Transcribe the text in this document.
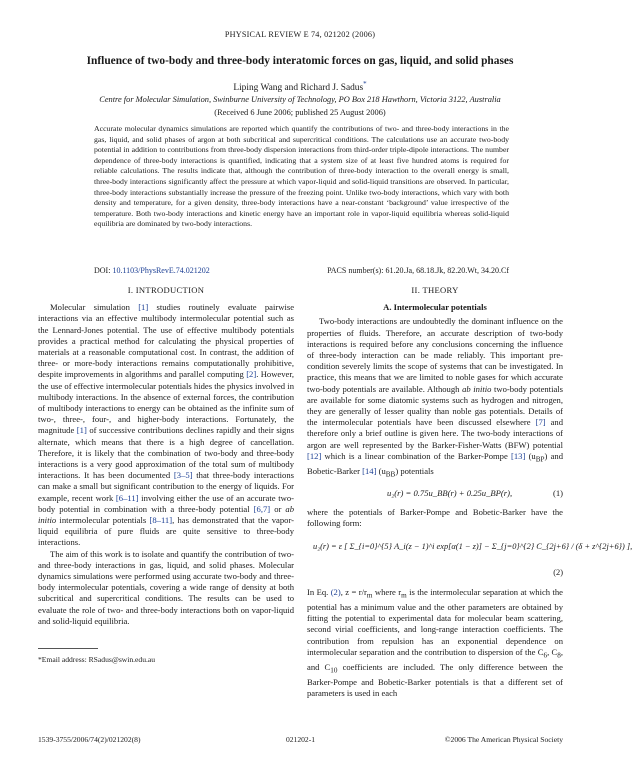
PHYSICAL REVIEW E 74, 021202 (2006)
Influence of two-body and three-body interatomic forces on gas, liquid, and solid phases
Liping Wang and Richard J. Sadus*
Centre for Molecular Simulation, Swinburne University of Technology, PO Box 218 Hawthorn, Victoria 3122, Australia
(Received 6 June 2006; published 25 August 2006)

Accurate molecular dynamics simulations are reported which quantify the contributions of two- and three-body interactions in the gas, liquid, and solid phases of argon at both subcritical and supercritical conditions. The calculations use an accurate two-body potential in addition to contributions from three-body dispersion interactions from third-order triple-dipole interactions. The number dependence of three-body interactions is quantified, indicating that a system size of at least five hundred atoms is required for reliable calculations. The results indicate that, although the contribution of three-body interaction to the overall energy is small, three-body interactions significantly affect the pressure at which vapor-liquid and solid-liquid transitions are observed. In particular, three-body interactions substantially increase the pressure of the freezing point. Unlike two-body interactions, which vary with both density and temperature, for a given density, three-body interactions have a near-constant ‘background’ value irrespective of the temperature. Both two-body interactions and kinetic energy have an important role in vapor-liquid equilibria whereas solid-liquid equilibria are dominated by two-body interactions.

DOI: 10.1103/PhysRevE.74.021202	PACS number(s): 61.20.Ja, 68.18.Jk, 82.20.Wt, 34.20.Cf
I. INTRODUCTION

Molecular simulation [1] studies routinely evaluate pairwise interactions via an effective multibody intermolecular potential such as the Lennard-Jones potential. The use of effective multibody potentials provides a practical method for calculating the physical properties of materials at a reasonable computational cost. In contrast, the addition of three- or more-body interactions remains computationally prohibitive, despite improvements in algorithms and parallel computing [2]. However, the use of effective intermolecular potentials hides the physics involved in multibody interactions. In the absence of external forces, the contribution of multibody interactions to energy can be obtained as the infinite sum of two-, three-, four-, and higher-body interactions. Fortunately, the magnitude [1] of successive contributions declines rapidly and their signs alternate, which means that there is a high degree of cancellation. Therefore, it is likely that the combination of two-body and three-body interactions is a very good approximation of the total sum of multibody interactions. It has been documented [3–5] that three-body interactions can make a small but significant contribution to the energy of liquids. For example, recent work [6–11] involving either the use of an accurate two-body potential in combination with a three-body potential [6,7] or ab initio intermolecular potentials [8–11], has demonstrated that the vapor-liquid equilibria of pure fluids are quite sensitive to three-body interactions.

The aim of this work is to isolate and quantify the contribution of two- and three-body interactions in gas, liquid, and solid phases. Molecular dynamics simulations were performed using accurate two-body and three-body intermolecular potentials, covering a wide range of density at both subcritical and supercritical conditions. The results can be used to evaluate the role of two- and three-body interactions both on vapor-liquid and solid-liquid equilibria.

II. THEORY
A. Intermolecular potentials

Two-body interactions are undoubtedly the dominant influence on the properties of fluids. Therefore, an accurate description of two-body interactions is required before any conclusions concerning the influence of three-body interaction can be made reliably. This important pre-condition severely limits the scope of systems that can be investigated. In practice, this means that we are limited to noble gases for which accurate two-body potentials are available. Although ab initio two-body potentials are available for some diatomic systems such as hydrogen and nitrogen, they are generally of lesser quality than noble gas potentials. Details of the intermolecular potentials have been discussed elsewhere [7] and therefore only a brief outline is given here. The two-body interactions of argon are well represented by the Barker-Fisher-Watts (BFW) potential [12] which is a linear combination of the Barker-Pompe [13] $(u_{BP})$ and Bobetic-Barker [14] $(u_{BB})$ potentials

u₂(r) = 0.75u_BB(r) + 0.25u_BP(r),	(1)

where the potentials of Barker-Pompe and Bobetic-Barker have the following form:

u₂(r) = ε [ Σ_{i=0}^{5} A_i(z − 1)^i exp[α(1 − z)] − Σ_{j=0}^{2} C_{2j+6} / (δ + z^{2j+6}) ],
(2)

In Eq. (2), $z = r/r_m$ where $r_m$ is the intermolecular separation at which the potential has a minimum value and the other parameters are obtained by fitting the potential to experimental data for molecular beam scattering, second virial coefficients, and long-range interaction coefficients. The contribution from repulsion has an exponential dependence on intermolecular separation and the contribution to dispersion of the $C_6$, $C_8$, and $C_{10}$ coefficients are included. The only difference between the Barker-Pompe and Bobetic-Barker potentials is that a different set of parameters is used in each

*Email address: RSadus@swin.edu.au
1539-3755/2006/74(2)/021202(8)	021202-1	©2006 The American Physical Society
